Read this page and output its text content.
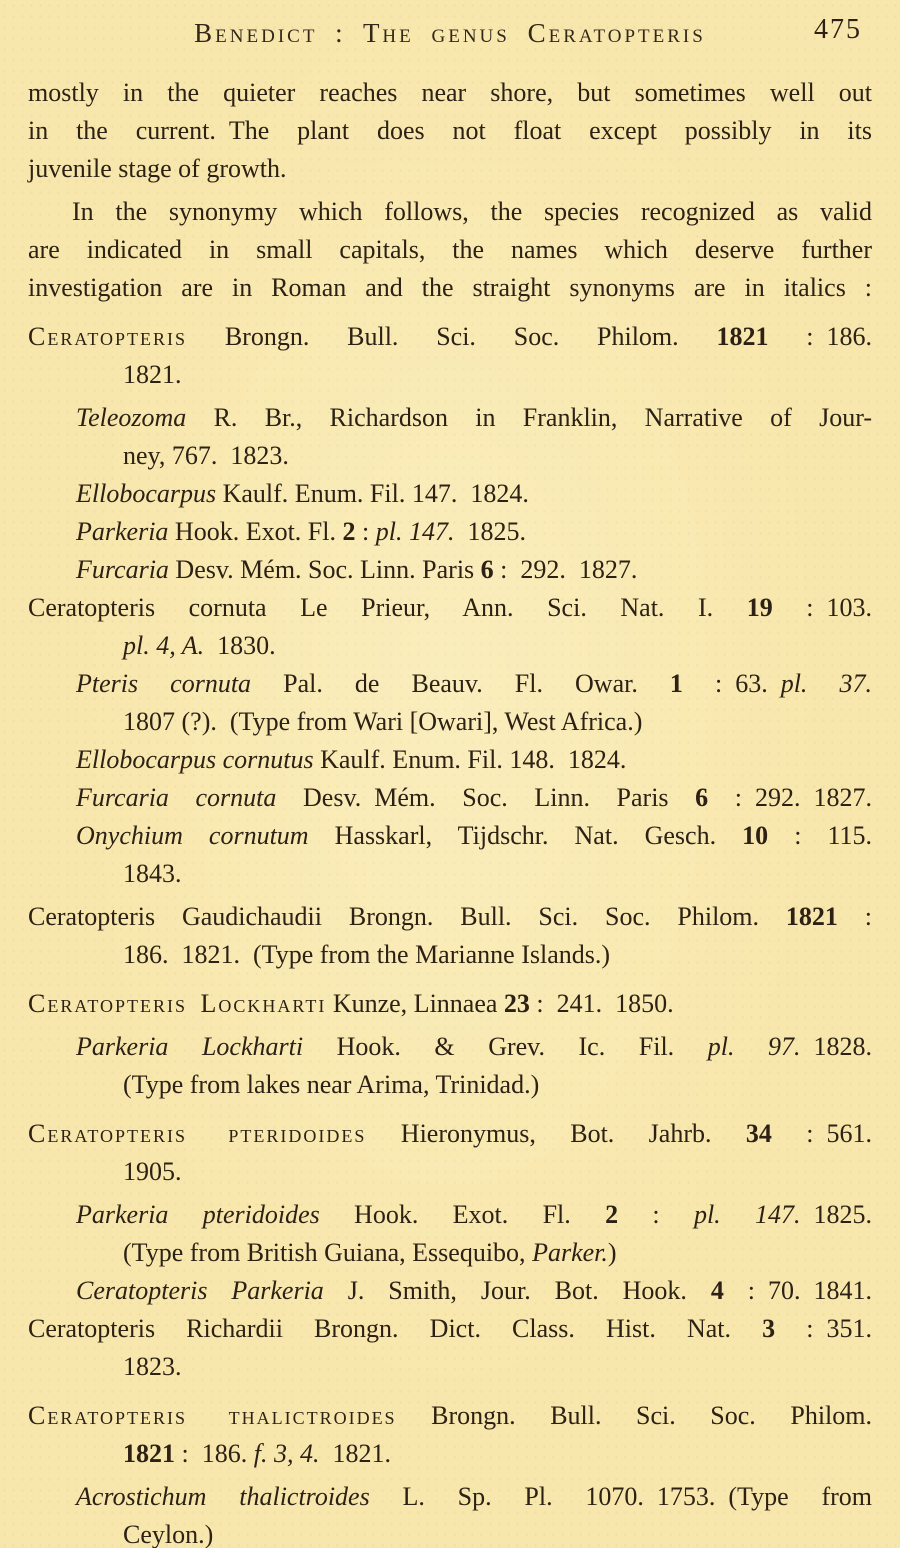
Benedict : The genus Ceratopteris	475
mostly in the quieter reaches near shore, but sometimes well out
in the current. The plant does not float except possibly in its
juvenile stage of growth.
In the synonymy which follows, the species recognized as valid
are indicated in small capitals, the names which deserve further
investigation are in Roman and the straight synonyms are in italics :
Ceratopteris Brongn. Bull. Sci. Soc. Philom. 1821 : 186.
1821.
Teleozoma R. Br., Richardson in Franklin, Narrative of Jour-
ney, 767. 1823.
Ellobocarpus Kaulf. Enum. Fil. 147. 1824.
Parkeria Hook. Exot. Fl. 2 : pl. 147. 1825.
Furcaria Desv. Mém. Soc. Linn. Paris 6 : 292. 1827.
Ceratopteris cornuta Le Prieur, Ann. Sci. Nat. I. 19 : 103.
pl. 4, A. 1830.
Pteris cornuta Pal. de Beauv. Fl. Owar. 1 : 63. pl. 37.
1807 (?). (Type from Wari [Owari], West Africa.)
Ellobocarpus cornutus Kaulf. Enum. Fil. 148. 1824.
Furcaria cornuta Desv. Mém. Soc. Linn. Paris 6 : 292. 1827.
Onychium cornutum Hasskarl, Tijdschr. Nat. Gesch. 10 : 115.
1843.
Ceratopteris Gaudichaudii Brongn. Bull. Sci. Soc. Philom. 1821 :
186. 1821. (Type from the Marianne Islands.)
Ceratopteris Lockharti Kunze, Linnaea 23 : 241. 1850.
Parkeria Lockharti Hook. & Grev. Ic. Fil. pl. 97. 1828.
(Type from lakes near Arima, Trinidad.)
Ceratopteris pteridoides Hieronymus, Bot. Jahrb. 34 : 561.
1905.
Parkeria pteridoides Hook. Exot. Fl. 2 : pl. 147. 1825.
(Type from British Guiana, Essequibo, Parker.)
Ceratopteris Parkeria J. Smith, Jour. Bot. Hook. 4 : 70. 1841.
Ceratopteris Richardii Brongn. Dict. Class. Hist. Nat. 3 : 351.
1823.
Ceratopteris thalictroides Brongn. Bull. Sci. Soc. Philom.
1821 : 186. f. 3, 4. 1821.
Acrostichum thalictroides L. Sp. Pl. 1070. 1753. (Type from
Ceylon.)
